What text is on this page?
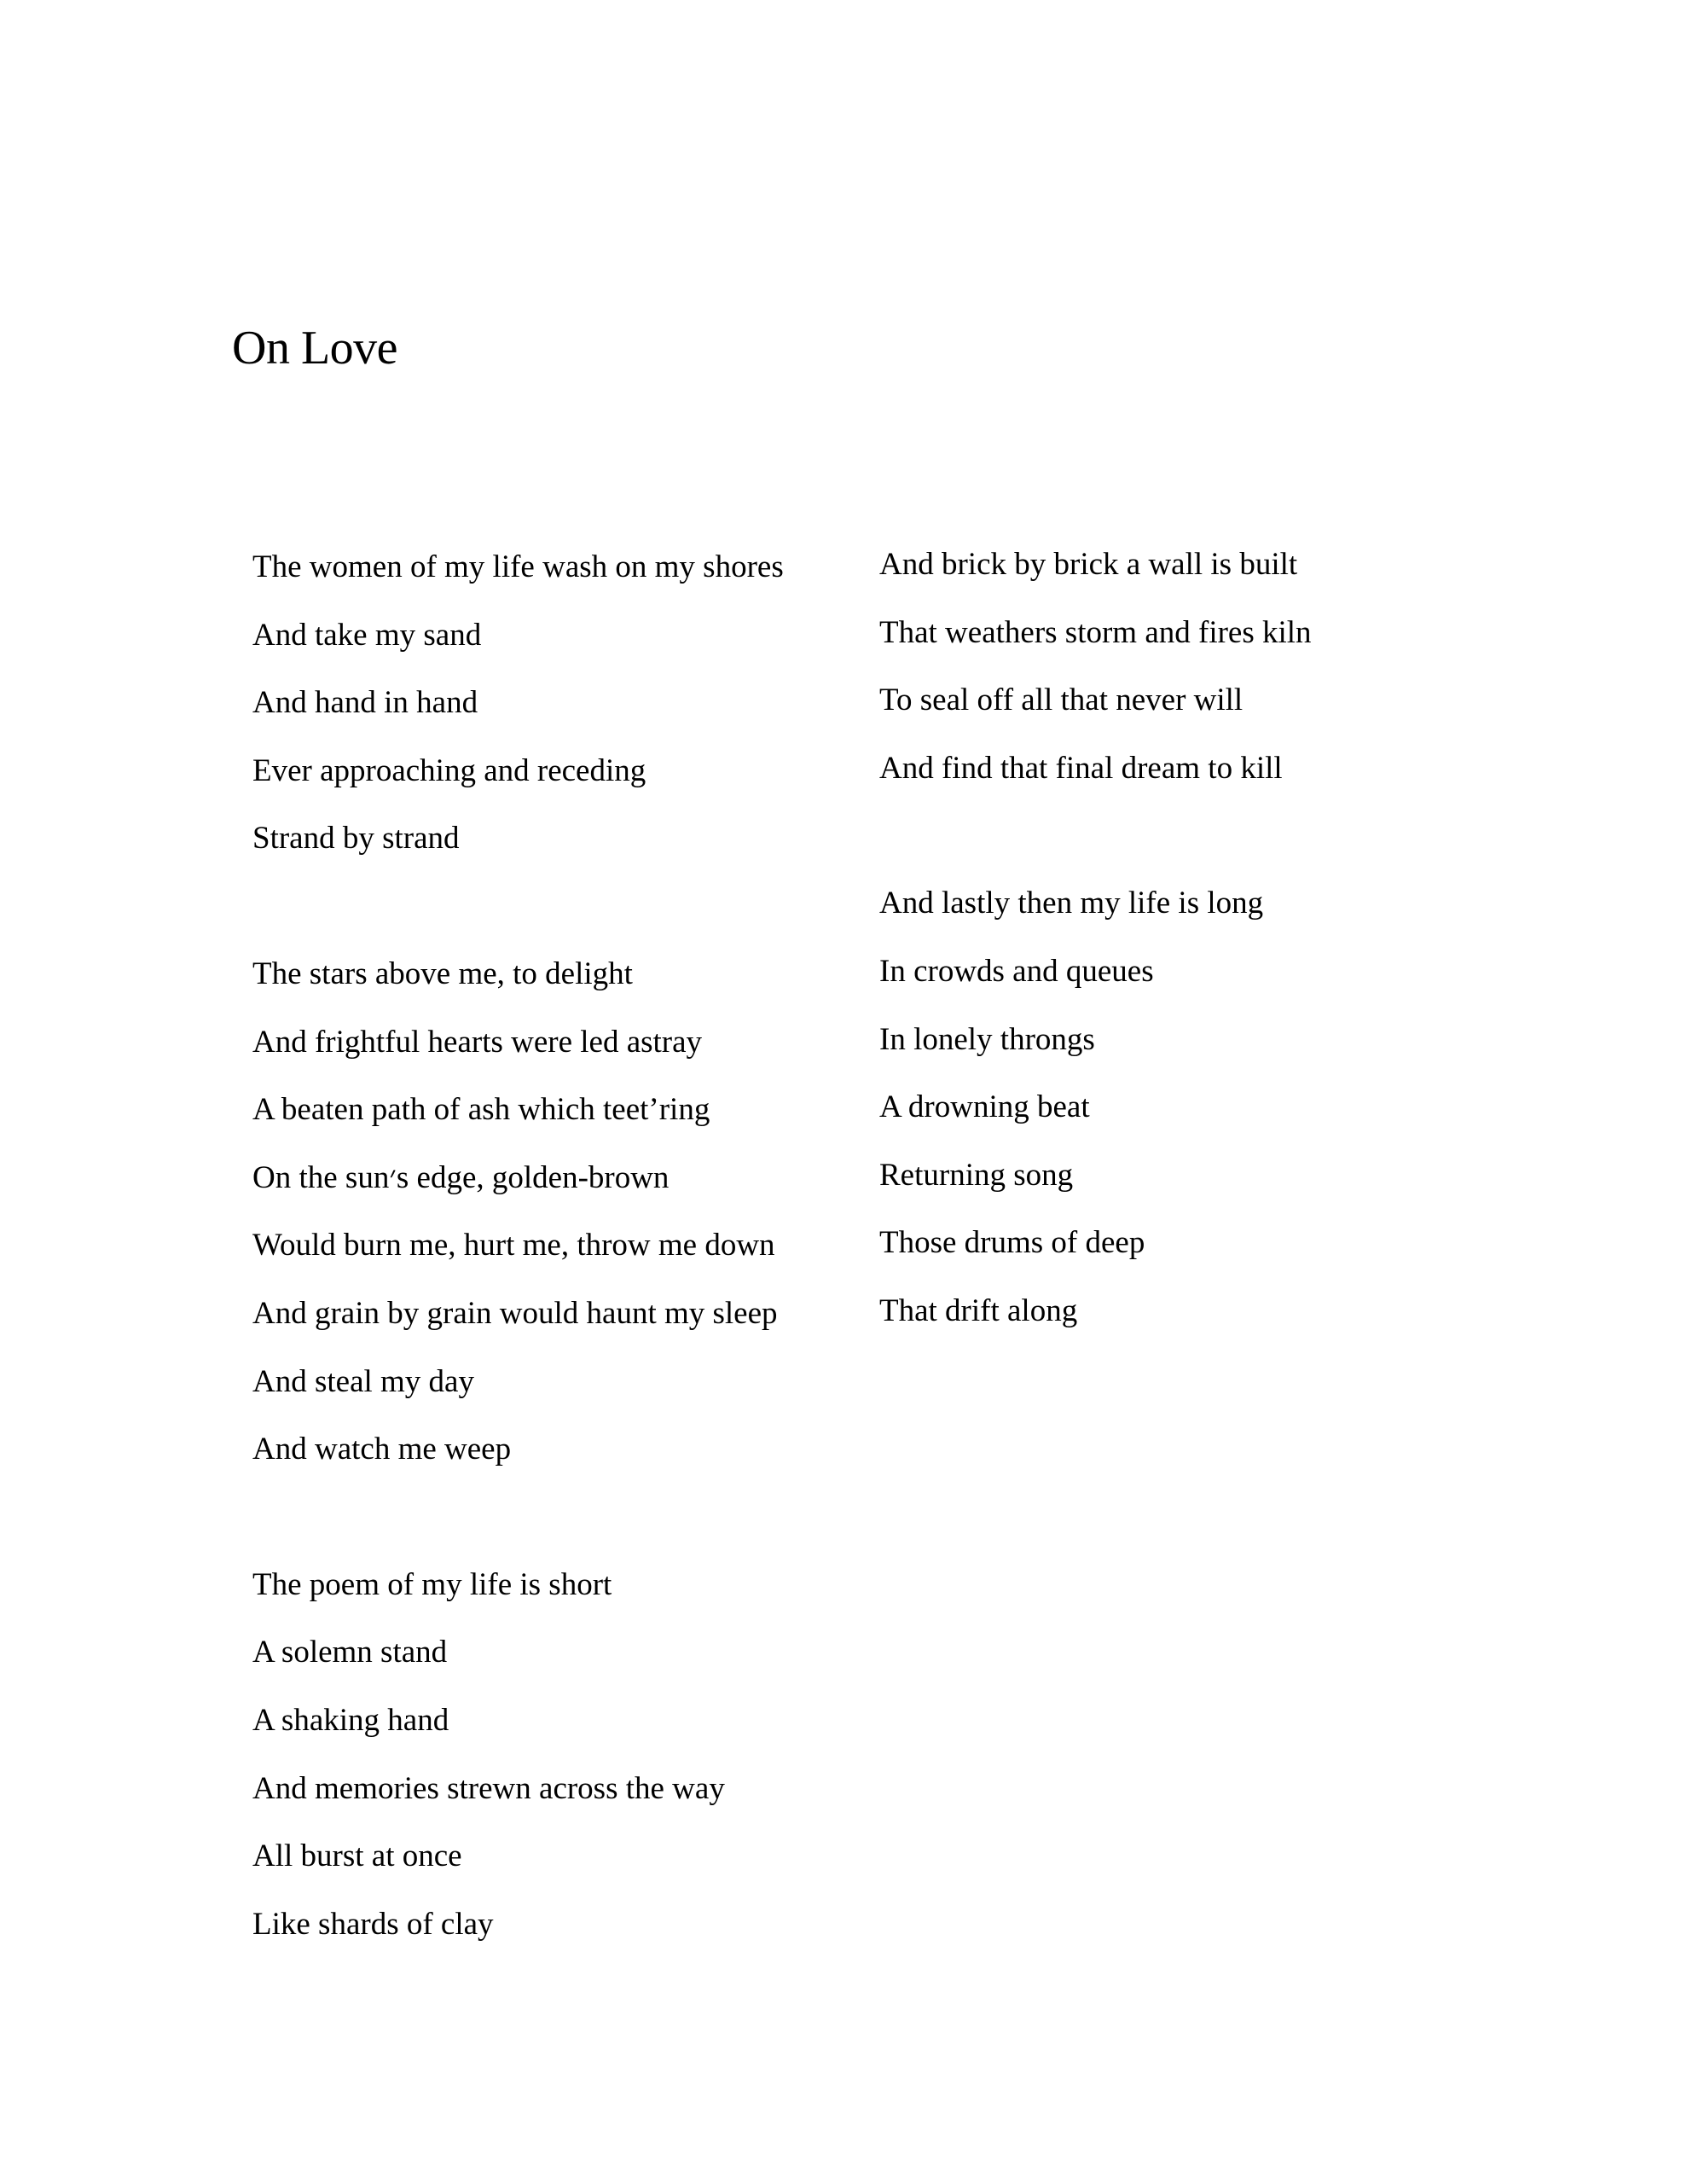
On Love
The women of my life wash on my shores
And take my sand
And hand in hand
Ever approaching and receding
Strand by strand
The stars above me, to delight
And frightful hearts were led astray
A beaten path of ash which teet’ring
On the sun׳s edge, golden-brown
Would burn me, hurt me, throw me down
And grain by grain would haunt my sleep
And steal my day
And watch me weep
The poem of my life is short
A solemn stand
A shaking hand
And memories strewn across the way
All burst at once
Like shards of clay
And brick by brick a wall is built
That weathers storm and fires kiln
To seal off all that never will
And find that final dream to kill
And lastly then my life is long
In crowds and queues
In lonely throngs
A drowning beat
Returning song
Those drums of deep
That drift along
